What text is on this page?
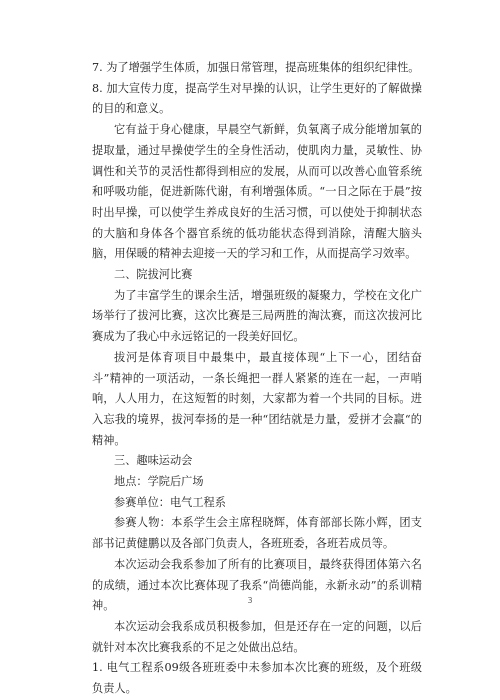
7. 为了增强学生体质，加强日常管理，提高班集体的组织纪律性。

8. 加大宣传力度，提高学生对早操的认识，让学生更好的了解做操的目的和意义。

它有益于身心健康，早晨空气新鲜，负氧离子成分能增加氧的提取量，通过早操使学生的全身性活动，使肌肉力量，灵敏性、协调性和关节的灵活性都得到相应的发展，从而可以改善心血管系统和呼吸功能，促进新陈代谢，有利增强体质。“一日之际在于晨”按时出早操，可以使学生养成良好的生活习惯，可以使处于抑制状态的大脑和身体各个器官系统的低功能状态得到消除，清醒大脑头脑，用保暖的精神去迎接一天的学习和工作，从而提高学习效率。

二、院拔河比赛

为了丰富学生的课余生活，增强班级的凝聚力，学校在文化广场举行了拔河比赛，这次比赛是三局两胜的淘汰赛，而这次拔河比赛成为了我心中永远铭记的一段美好回忆。

拔河是体育项目中最集中，最直接体现“上下一心，团结奋斗”精神的一项活动，一条长绳把一群人紧紧的连在一起，一声哨响，人人用力，在这短暂的时刻，大家都为着一个共同的目标。进入忘我的境界，拔河奉扬的是一种“团结就是力量，爱拼才会赢“的精神。

三、趣味运动会

地点：学院后广场

参赛单位：电气工程系

参赛人物：本系学生会主席程晓辉，体育部部长陈小辉，团支部书记黄健鹏以及各部门负责人，各班班委，各班若成员等。

本次运动会我系参加了所有的比赛项目，最终获得团体第六名的成绩，通过本次比赛体现了我系“尚德尚能，永新永动”的系训精神。

本次运动会我系成员积极参加，但是还存在一定的问题，以后就针对本次比赛我系的不足之处做出总结。

1. 电气工程系09级各班班委中未参加本次比赛的班级，及个班级负责人。

3
